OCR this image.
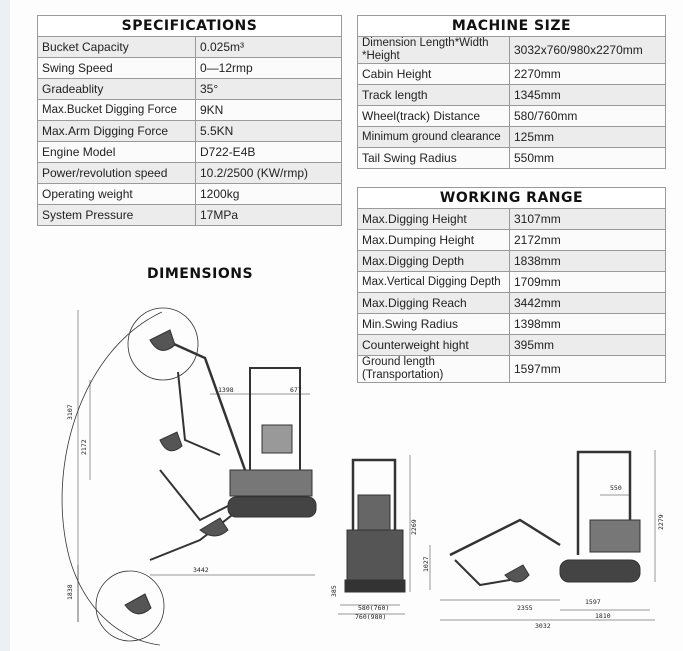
SPECIFICATIONS	
Bucket Capacity	0.025m³
Swing Speed	0—12rmp
Gradeablity	35°
Max.Bucket Digging Force	9KN
Max.Arm Digging Force	5.5KN
Engine Model	D722-E4B
Power/revolution speed	10.2/2500 (KW/rmp)
Operating weight	1200kg
System Pressure	17MPa
MACHINE SIZE	
Dimension Length*Width *Height	3032x760/980x2270mm
Cabin Height	2270mm
Track length	1345mm
Wheel(track) Distance	580/760mm
Minimum ground clearance	125mm
Tail Swing Radius	550mm
WORKING RANGE	
Max.Digging Height	3107mm
Max.Dumping Height	2172mm
Max.Digging Depth	1838mm
Max.Vertical Digging Depth	1709mm
Max.Digging Reach	3442mm
Min.Swing Radius	1398mm
Counterweight hight	395mm
Ground length (Transportation)	1597mm
DIMENSIONS
3107
2172
1838
3442
1398	677
2269
580(760)
760(980)
385
2279
550
1597
1027
2355
3032
1810
